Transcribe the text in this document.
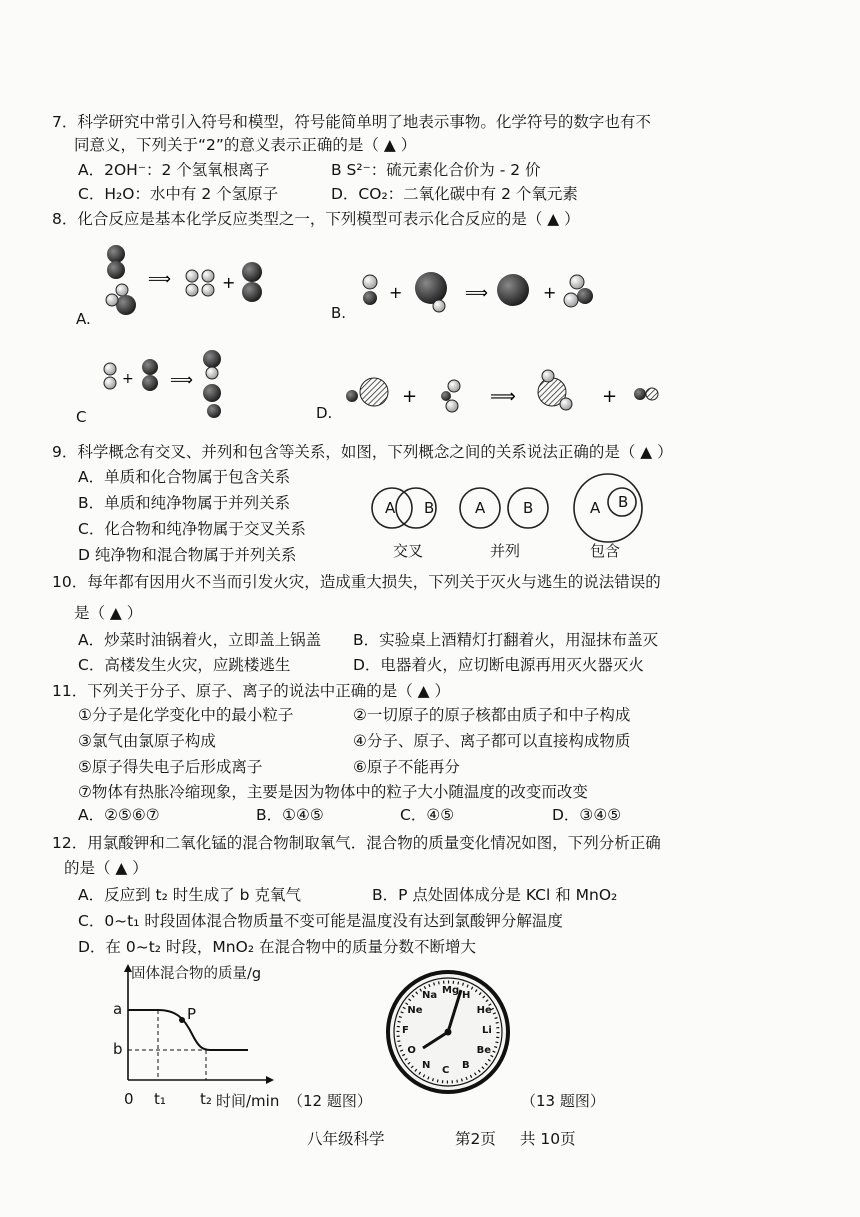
7．科学研究中常引入符号和模型，符号能简单明了地表示事物。化学符号的数字也有不
同意义，下列关于“2”的意义表示正确的是（ ▲ ）
A．2OH⁻：2 个氢氧根离子	B S²⁻：硫元素化合价为 - 2 价
C．H₂O：水中有 2 个氢原子	D．CO₂：二氧化碳中有 2 个氧元素
8．化合反应是基本化学反应类型之一，下列模型可表示化合反应的是（ ▲ ）
A.
⟹	+
B.
+	⟹	+
C
+ ⟹
D.
+	⟹	+
9．科学概念有交叉、并列和包含等关系，如图，下列概念之间的关系说法正确的是（ ▲ ）
A．单质和化合物属于包含关系
B．单质和纯净物属于并列关系
C．化合物和纯净物属于交叉关系
D 纯净物和混合物属于并列关系
A B	A	B	A B
交叉	并列	包含
10．每年都有因用火不当而引发火灾，造成重大损失，下列关于灭火与逃生的说法错误的
是（ ▲ ）
A．炒菜时油锅着火，立即盖上锅盖 B．实验桌上酒精灯打翻着火，用湿抹布盖灭
C．高楼发生火灾，应跳楼逃生	D．电器着火，应切断电源再用灭火器灭火
11．下列关于分子、原子、离子的说法中正确的是（ ▲ ）
①分子是化学变化中的最小粒子	②一切原子的原子核都由质子和中子构成
③氯气由氯原子构成	④分子、原子、离子都可以直接构成物质
⑤原子得失电子后形成离子	⑥原子不能再分
⑦物体有热胀冷缩现象，主要是因为物体中的粒子大小随温度的改变而改变
A．②⑤⑥⑦	B．①④⑤	C．④⑤	D．③④⑤
12．用氯酸钾和二氧化锰的混合物制取氧气．混合物的质量变化情况如图，下列分析正确
的是（ ▲ ）
A．反应到 t₂ 时生成了 b 克氧气	B．P 点处固体成分是 KCl 和 MnO₂
C．0~t₁ 时段固体混合物质量不变可能是温度没有达到氯酸钾分解温度
D．在 0~t₂ 时段，MnO₂ 在混合物中的质量分数不断增大
固体混合物的质量/g
a
b
P
0 t₁ t₂ 时间/min （12 题图）
H
He
Li
Be
B
C
N
O
F
Ne
Na Mg
（13 题图）
八年级科学	第2页 共 10页
